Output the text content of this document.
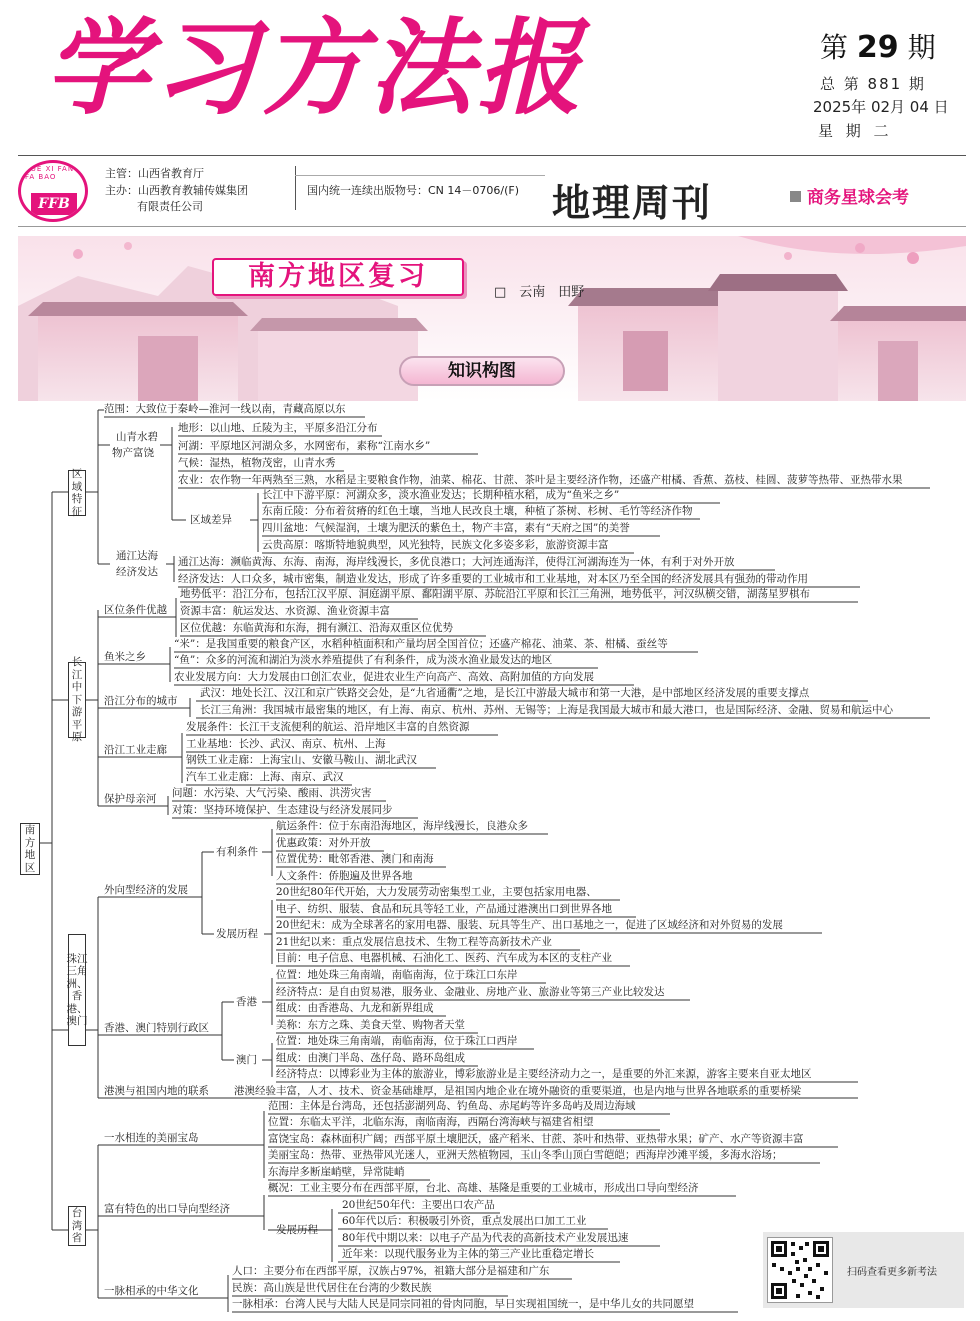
学习方法报	第 29 期
总 第 881 期
2025年 02月 04 日
星 期 二
XUE XI FANG FA BAO
FFB
主管：山西省教育厅
主办：山西教育教辅传媒集团
有限责任公司
国内统一连续出版物号：CN 14－0706/(F) 地理周刊	商务星球会考
南方地区复习
□　云南　田野
知识构图
南方地区
区域特征
长江中下游平原
珠江三角洲、香港、澳门
台湾省
范围：大致位于秦岭—淮河一线以南，青藏高原以东
山青水碧
物产富饶
地形：以山地、丘陵为主，平原多沿江分布
河湖：平原地区河湖众多，水网密布，素称“江南水乡”
气候：湿热，植物茂密，山青水秀
农业：农作物一年两熟至三熟，水稻是主要粮食作物，油菜、棉花、甘蔗、茶叶是主要经济作物，还盛产柑橘、香蕉、荔枝、桂圆、菠萝等热带、亚热带水果
区域差异
长江中下游平原：河湖众多，淡水渔业发达；长期种植水稻，成为“鱼米之乡”
东南丘陵：分布着贫瘠的红色土壤，当地人民改良土壤，种植了茶树、杉树、毛竹等经济作物
四川盆地：气候湿润，土壤为肥沃的紫色土，物产丰富，素有“天府之国”的美誉
云贵高原：喀斯特地貌典型，风光独特，民族文化多姿多彩，旅游资源丰富
通江达海
经济发达
通江达海：濒临黄海、东海、南海，海岸线漫长，多优良港口；大河连通海洋，使得江河湖海连为一体，有利于对外开放
经济发达：人口众多，城市密集，制造业发达，形成了许多重要的工业城市和工业基地，对本区乃至全国的经济发展具有强劲的带动作用
区位条件优越
地势低平：沿江分布，包括江汉平原、洞庭湖平原、鄱阳湖平原、苏皖沿江平原和长江三角洲，地势低平，河汉纵横交错，湖荡星罗棋布
资源丰富：航运发达、水资源、渔业资源丰富
区位优越：东临黄海和东海，拥有濒江、沿海双重区位优势
鱼米之乡
“米”：是我国重要的粮食产区，水稻种植面积和产量均居全国首位；还盛产棉花、油菜、茶、柑橘、蚕丝等
“鱼”：众多的河流和湖泊为淡水养殖提供了有利条件，成为淡水渔业最发达的地区
农业发展方向：大力发展由口创汇农业，促进农业生产向高产、高效、高附加值的方向发展
沿江分布的城市
武汉：地处长江、汉江和京广铁路交会处，是“九省通衢”之地，是长江中游最大城市和第一大港，是中部地区经济发展的重要支撑点
长江三角洲：我国城市最密集的地区，有上海、南京、杭州、苏州、无锡等；上海是我国最大城市和最大港口，也是国际经济、金融、贸易和航运中心
沿江工业走廊
发展条件：长江干支流便利的航运、沿岸地区丰富的自然资源
工业基地：长沙、武汉、南京、杭州、上海
钢铁工业走廊：上海宝山、安徽马鞍山、湖北武汉
汽车工业走廊：上海、南京、武汉
保护母亲河 问题：水污染、大气污染、酸雨、洪涝灾害
对策：坚持环境保护、生态建设与经济发展同步
外向型经济的发展
有利条件
航运条件：位于东南沿海地区，海岸线漫长，良港众多
优惠政策：对外开放
位置优势：毗邻香港、澳门和南海
人文条件：侨胞遍及世界各地
发展历程
20世纪80年代开始，大力发展劳动密集型工业，主要包括家用电器、
电子、纺织、服装、食品和玩具等轻工业，产品通过港澳出口到世界各地
20世纪末：成为全球著名的家用电器、服装、玩具等生产、出口基地之一，促进了区域经济和对外贸易的发展
21世纪以来：重点发展信息技术、生物工程等高新技术产业
目前：电子信息、电器机械、石油化工、医药、汽车成为本区的支柱产业
香港、澳门特别行政区
香港
位置：地处珠三角南端，南临南海，位于珠江口东岸
经济特点：是自由贸易港，服务业、金融业、房地产业、旅游业等第三产业比较发达
组成：由香港岛、九龙和新界组成
美称：东方之珠、美食天堂、购物者天堂
澳门
位置：地处珠三角南端，南临南海，位于珠江口西岸
组成：由澳门半岛、氹仔岛、路环岛组成
经济特点：以博彩业为主体的旅游业，博彩旅游业是主要经济动力之一，是重要的外汇来源，游客主要来自亚太地区
港澳与祖国内地的联系 港澳经验丰富，人才、技术、资金基础雄厚，是祖国内地企业在境外融资的重要渠道，也是内地与世界各地联系的重要桥梁
一水相连的美丽宝岛
范围：主体是台湾岛，还包括澎湖列岛、钓鱼岛、赤尾屿等许多岛屿及周边海域
位置：东临太平洋，北临东海，南临南海，西隔台湾海峡与福建省相望
富饶宝岛：森林面积广阔；西部平原土壤肥沃，盛产稻米、甘蔗、茶叶和热带、亚热带水果；矿产、水产等资源丰富
美丽宝岛：热带、亚热带风光迷人，亚洲天然植物园，玉山冬季山顶白雪皑皑；西海岸沙滩平缓，多海水浴场；
东海岸多断崖峭壁，异常陡峭
富有特色的出口导向型经济
概况：工业主要分布在西部平原，台北、高雄、基隆是重要的工业城市，形成出口导向型经济
发展历程
20世纪50年代：主要出口农产品
60年代以后：积极吸引外资，重点发展出口加工工业
80年代中期以来：以电子产品为代表的高新技术产业发展迅速
近年来：以现代服务业为主体的第三产业比重稳定增长
一脉相承的中华文化
人口：主要分布在西部平原，汉族占97%，祖籍大部分是福建和广东
民族：高山族是世代居住在台湾的少数民族
一脉相承：台湾人民与大陆人民是同宗同祖的骨肉同胞，早日实现祖国统一，是中华儿女的共同愿望
扫码查看更多新考法
